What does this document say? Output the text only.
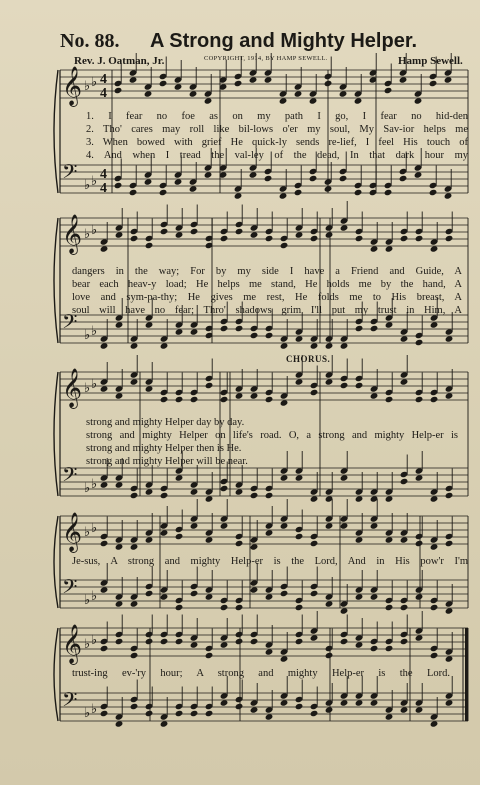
No. 88. A Strong and Mighty Helper.
Rev. J. Oatman, Jr.	COPYRIGHT, 1914, BY HAMP SEWELL.	Hamp Sewell.
𝄞 ♭ ♭ 4
4
𝄢 ♭ ♭ 4
4
𝄞 ♭ ♭
𝄢 ♭ ♭
𝄞 ♭ ♭
𝄢 ♭ ♭
𝄞 ♭ ♭
𝄢 ♭ ♭
𝄞 ♭ ♭
𝄢 ♭ ♭
1. I fear no foe as on my path I go, I fear no hid-den
2. Tho' cares may roll like bil-lows o'er my soul, My Sav-ior helps me
3. When bowed with grief He quick-ly sends re-lief, I feel His touch of
4. And when I tread the val-ley of the dead, In that dark hour my
dangers in the way; For by my side I have a Friend and Guide, A
bear each heav-y load; He helps me stand, He holds me by the hand, A
love and sym-pa-thy; He gives me rest, He folds me to His breast, A
soul will have no fear; Thro' shadows grim I'll put my trust in Him, A
CHORUS.
strong and mighty Helper day by day.
strong and mighty Helper on life's road. O, a strong and mighty Help-er is
strong and mighty Helper then is He.
strong and mighty Helper will be near.
Je-sus, A strong and mighty Help-er is the Lord, And in His pow'r I'm
trust-ing ev-'ry hour; A strong and mighty Help-er is the Lord.
